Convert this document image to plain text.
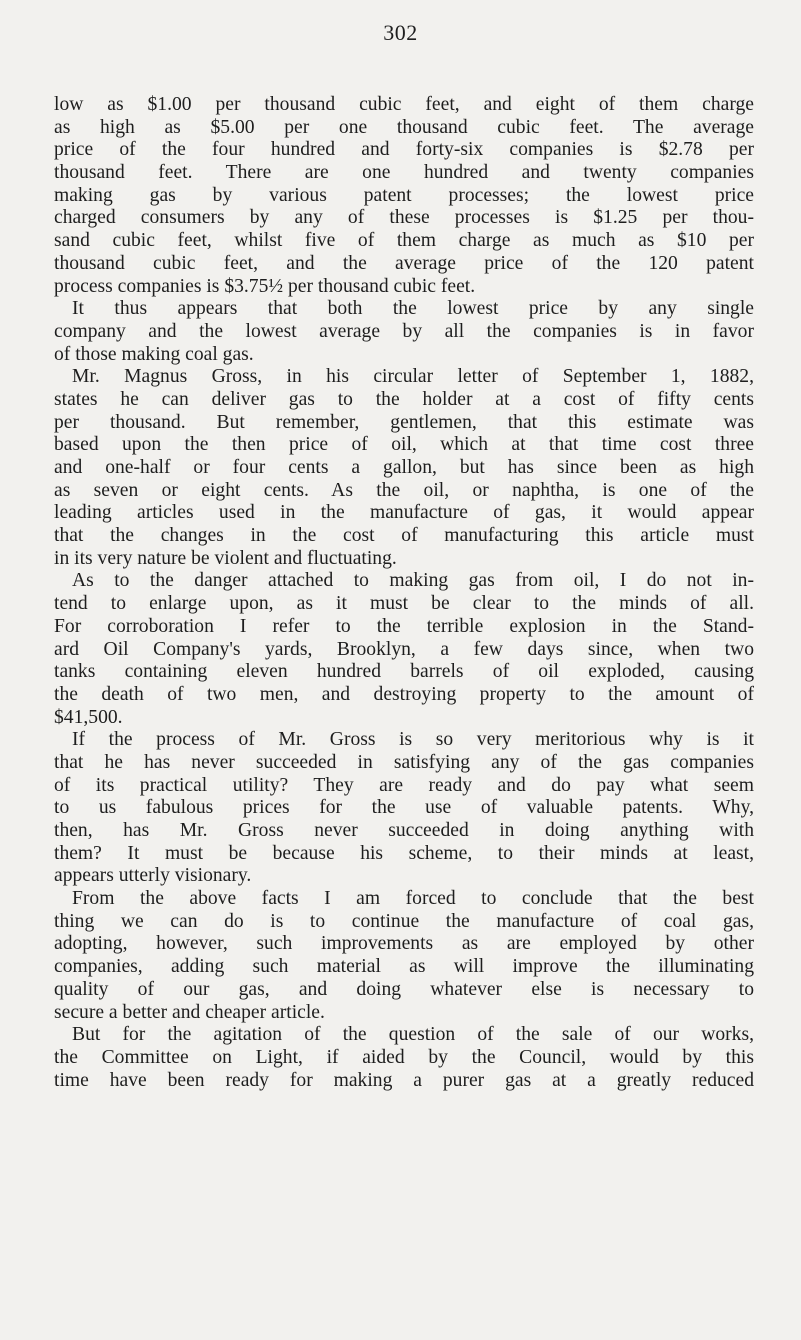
302
low as $1.00 per thousand cubic feet, and eight of them charge
as high as $5.00 per one thousand cubic feet. The average
price of the four hundred and forty-six companies is $2.78 per
thousand feet. There are one hundred and twenty companies
making gas by various patent processes; the lowest price
charged consumers by any of these processes is $1.25 per thou-
sand cubic feet, whilst five of them charge as much as $10 per
thousand cubic feet, and the average price of the 120 patent
process companies is $3.75½ per thousand cubic feet.
It thus appears that both the lowest price by any single
company and the lowest average by all the companies is in favor
of those making coal gas.
Mr. Magnus Gross, in his circular letter of September 1, 1882,
states he can deliver gas to the holder at a cost of fifty cents
per thousand. But remember, gentlemen, that this estimate was
based upon the then price of oil, which at that time cost three
and one-half or four cents a gallon, but has since been as high
as seven or eight cents. As the oil, or naphtha, is one of the
leading articles used in the manufacture of gas, it would appear
that the changes in the cost of manufacturing this article must
in its very nature be violent and fluctuating.
As to the danger attached to making gas from oil, I do not in-
tend to enlarge upon, as it must be clear to the minds of all.
For corroboration I refer to the terrible explosion in the Stand-
ard Oil Company's yards, Brooklyn, a few days since, when two
tanks containing eleven hundred barrels of oil exploded, causing
the death of two men, and destroying property to the amount of
$41,500.
If the process of Mr. Gross is so very meritorious why is it
that he has never succeeded in satisfying any of the gas companies
of its practical utility? They are ready and do pay what seem
to us fabulous prices for the use of valuable patents. Why,
then, has Mr. Gross never succeeded in doing anything with
them? It must be because his scheme, to their minds at least,
appears utterly visionary.
From the above facts I am forced to conclude that the best
thing we can do is to continue the manufacture of coal gas,
adopting, however, such improvements as are employed by other
companies, adding such material as will improve the illuminating
quality of our gas, and doing whatever else is necessary to
secure a better and cheaper article.
But for the agitation of the question of the sale of our works,
the Committee on Light, if aided by the Council, would by this
time have been ready for making a purer gas at a greatly reduced
